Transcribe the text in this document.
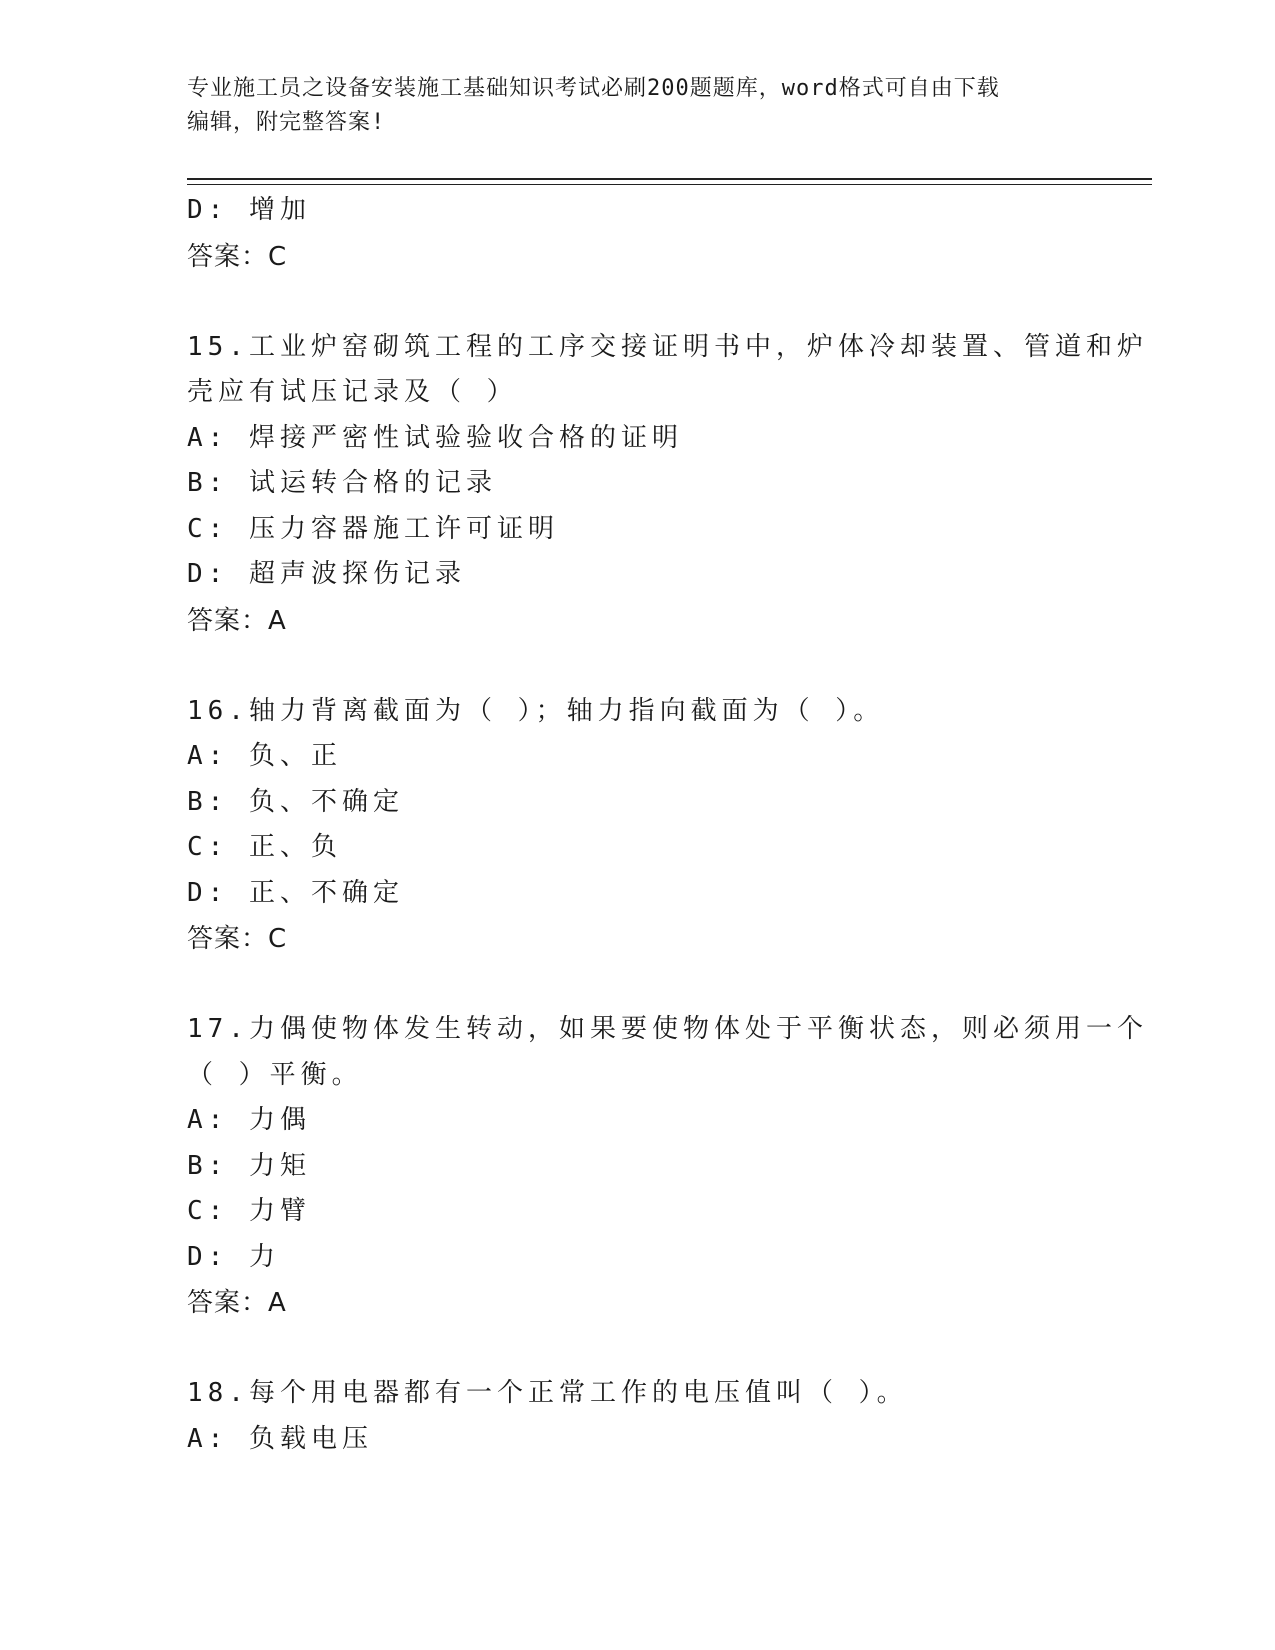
专业施工员之设备安装施工基础知识考试必刷200题题库，word格式可自由下载
编辑，附完整答案!
D: 增加
答案：C
15.工业炉窑砌筑工程的工序交接证明书中，炉体冷却装置、管道和炉
壳应有试压记录及（ ）
A: 焊接严密性试验验收合格的证明
B: 试运转合格的记录
C: 压力容器施工许可证明
D: 超声波探伤记录
答案：A
16.轴力背离截面为（ ）；轴力指向截面为（ ）。
A: 负、正
B: 负、不确定
C: 正、负
D: 正、不确定
答案：C
17.力偶使物体发生转动，如果要使物体处于平衡状态，则必须用一个
（ ）平衡。
A: 力偶
B: 力矩
C: 力臂
D: 力
答案：A
18.每个用电器都有一个正常工作的电压值叫（ ）。
A: 负载电压
